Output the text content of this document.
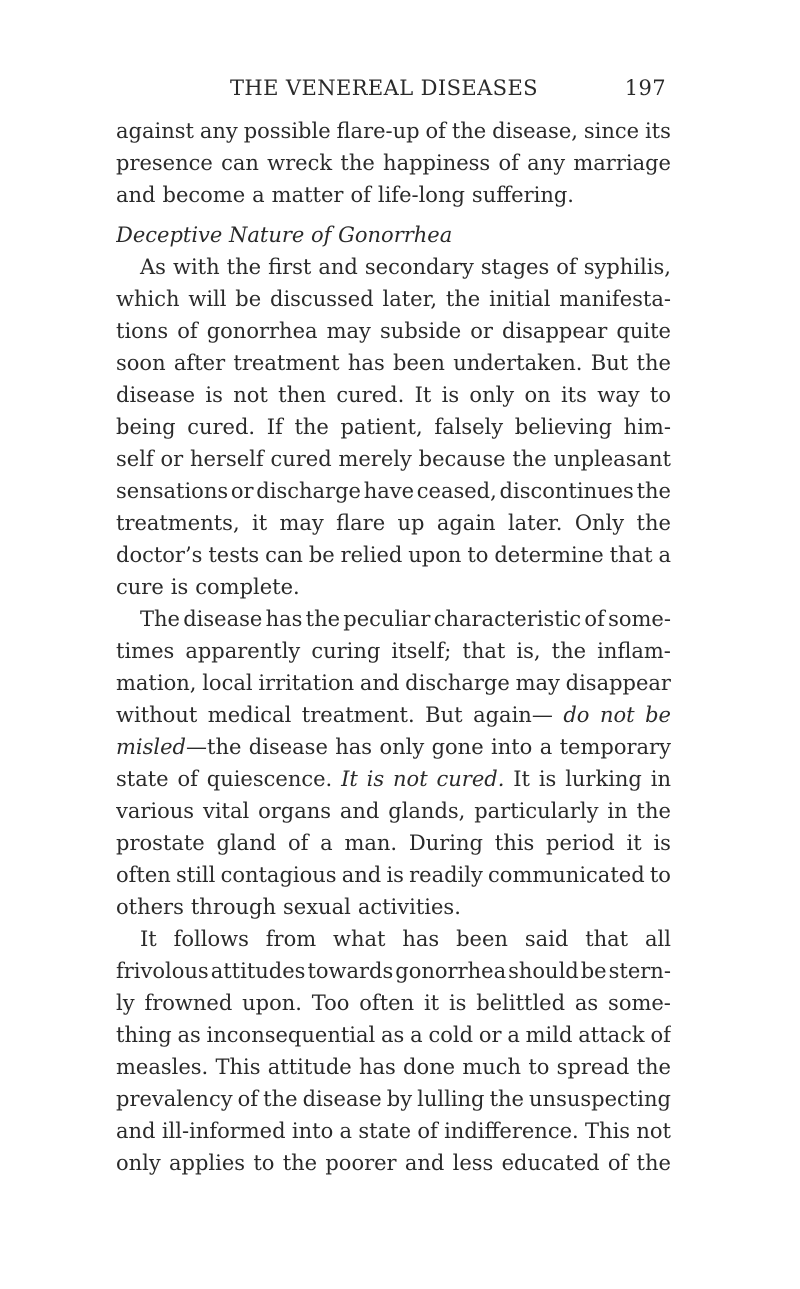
THE VENEREAL DISEASES	197
against any possible flare-up of the disease, since its
presence can wreck the happiness of any marriage
and become a matter of life-long suffering.
Deceptive Nature of Gonorrhea
As with the first and secondary stages of syphilis,
which will be discussed later, the initial manifesta-
tions of gonorrhea may subside or disappear quite
soon after treatment has been undertaken. But the
disease is not then cured. It is only on its way to
being cured. If the patient, falsely believing him-
self or herself cured merely because the unpleasant
sensations or discharge have ceased, discontinues the
treatments, it may flare up again later. Only the
doctor’s tests can be relied upon to determine that a
cure is complete.
The disease has the peculiar characteristic of some-
times apparently curing itself; that is, the inflam-
mation, local irritation and discharge may disappear
without medical treatment. But again— do not be
misled—the disease has only gone into a temporary
state of quiescence. It is not cured. It is lurking in
various vital organs and glands, particularly in the
prostate gland of a man. During this period it is
often still contagious and is readily communicated to
others through sexual activities.
It follows from what has been said that all
frivolous attitudes towards gonorrhea should be stern-
ly frowned upon. Too often it is belittled as some-
thing as inconsequential as a cold or a mild attack of
measles. This attitude has done much to spread the
prevalency of the disease by lulling the unsuspecting
and ill-informed into a state of indifference. This not
only applies to the poorer and less educated of the
